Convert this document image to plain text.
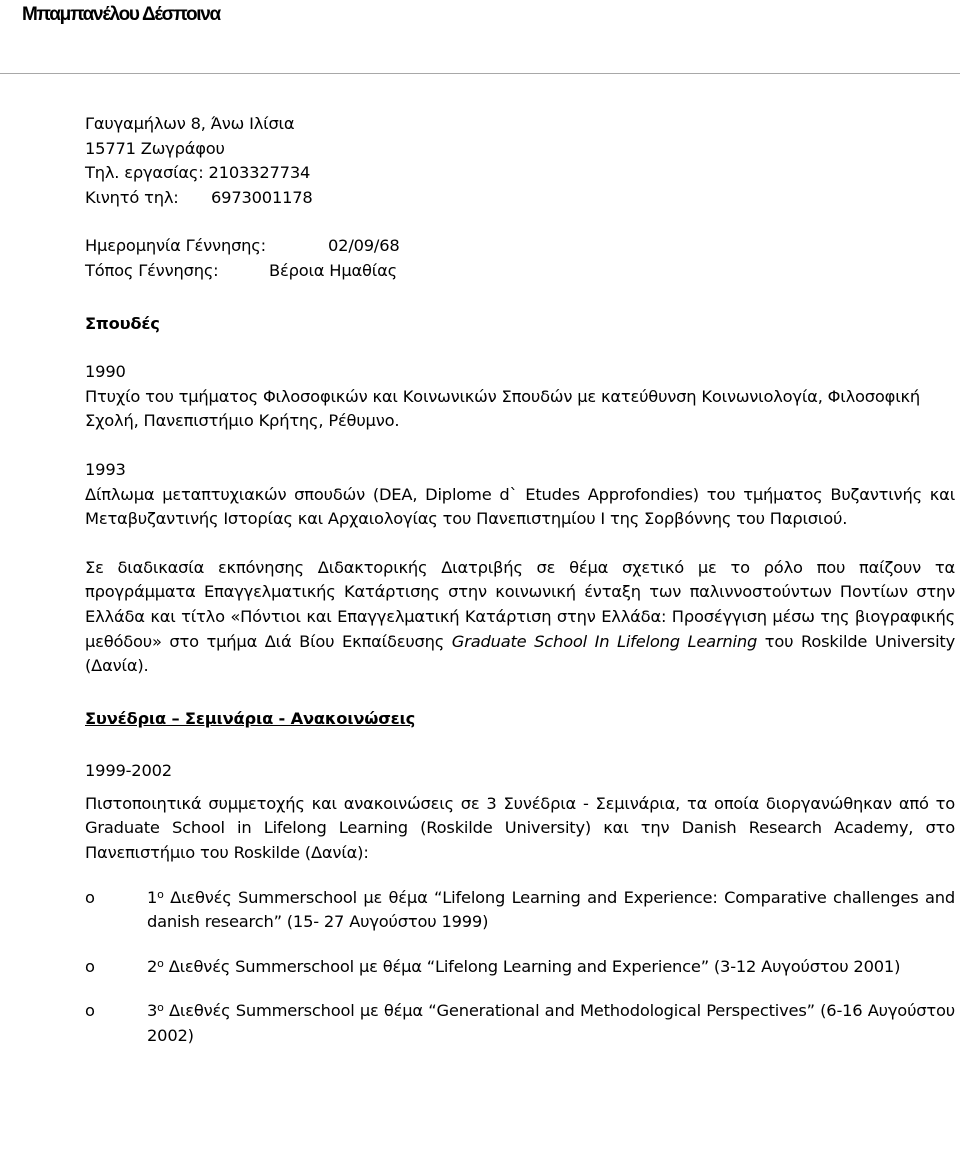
Μπαμπανέλου Δέσποινα
Γαυγαμήλων 8, Άνω Ιλίσια
15771 Ζωγράφου
Τηλ. εργασίας: 2103327734
Κινητό τηλ: 6973001178
Ημερομηνία Γέννησης:	02/09/68
Τόπος Γέννησης:	Βέροια Ημαθίας
Σπουδές
1990
Πτυχίο του τμήματος Φιλοσοφικών και Κοινωνικών Σπουδών με κατεύθυνση Κοινωνιολογία, Φιλοσοφική Σχολή, Πανεπιστήμιο Κρήτης, Ρέθυμνο.
1993
Δίπλωμα μεταπτυχιακών σπουδών (DEA, Diplome d` Etudes Approfondies) του τμήματος Βυζαντινής και Μεταβυζαντινής Ιστορίας και Αρχαιολογίας του Πανεπιστημίου I της Σορβόννης του Παρισιού.
Σε διαδικασία εκπόνησης Διδακτορικής Διατριβής σε θέμα σχετικό με το ρόλο που παίζουν τα προγράμματα Επαγγελματικής Κατάρτισης στην κοινωνική ένταξη των παλιννοστούντων Ποντίων στην Ελλάδα και τίτλο «Πόντιοι και Επαγγελματική Κατάρτιση στην Ελλάδα: Προσέγγιση μέσω της βιογραφικής μεθόδου» στο τμήμα Διά Βίου Εκπαίδευσης Graduate School In Lifelong Learning του Roskilde University (Δανία).
Συνέδρια – Σεμινάρια - Ανακοινώσεις
1999-2002
Πιστοποιητικά συμμετοχής και ανακοινώσεις σε 3 Συνέδρια - Σεμινάρια, τα οποία διοργανώθηκαν από το Graduate School in Lifelong Learning (Roskilde University) και την Danish Research Academy, στο Πανεπιστήμιο του Roskilde (Δανία):
o	$1^o$ Διεθνές Summerschool με θέμα “Lifelong Learning and Experience: Comparative challenges and danish research” (15- 27 Αυγούστου 1999)
o	$2^o$ Διεθνές Summerschool με θέμα “Lifelong Learning and Experience” (3-12 Αυγούστου 2001)
o	$3^o$ Διεθνές Summerschool με θέμα “Generational and Methodological Perspectives” (6-16 Αυγούστου 2002)
